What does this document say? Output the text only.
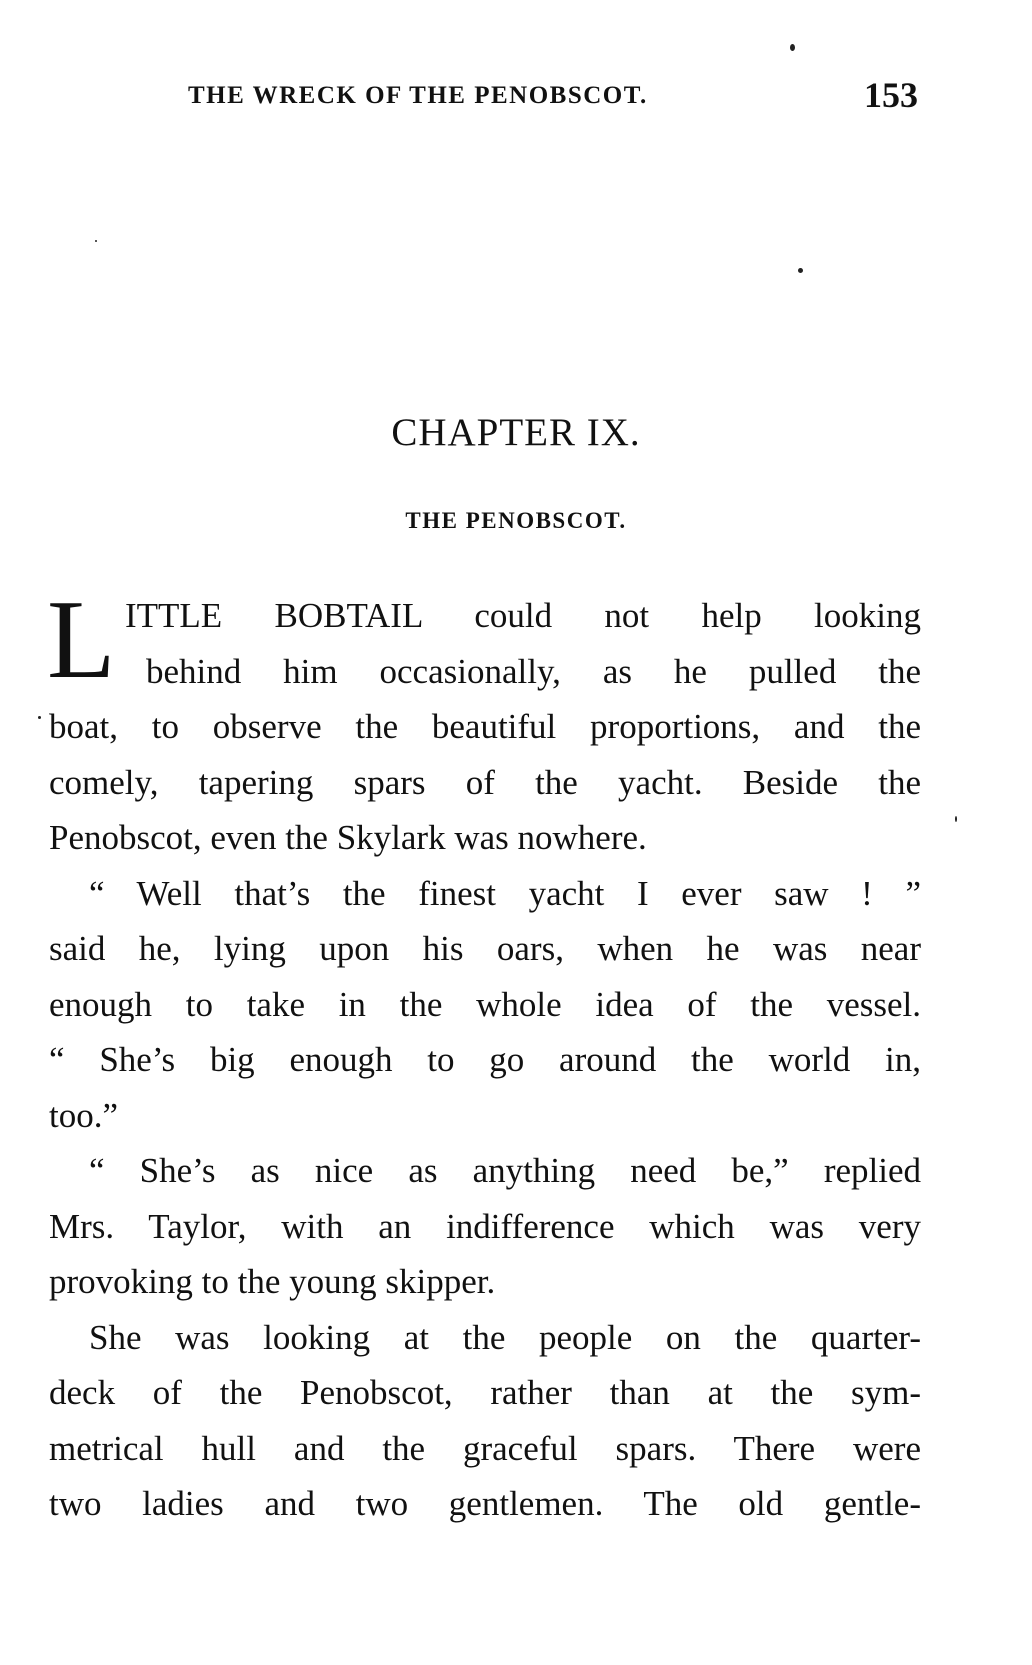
THE WRECK OF THE PENOBSCOT.	153
CHAPTER IX.
THE PENOBSCOT.
L ITTLE BOBTAIL could not help looking
behind him occasionally, as he pulled the
boat, to observe the beautiful proportions, and the
comely, tapering spars of the yacht. Beside the
Penobscot, even the Skylark was nowhere.
“ Well that’s the finest yacht I ever saw ! ”
said he, lying upon his oars, when he was near
enough to take in the whole idea of the vessel.
“ She’s big enough to go around the world in,
too.”
“ She’s as nice as anything need be,” replied
Mrs. Taylor, with an indifference which was very
provoking to the young skipper.
She was looking at the people on the quarter-
deck of the Penobscot, rather than at the sym-
metrical hull and the graceful spars. There were
two ladies and two gentlemen. The old gentle-
